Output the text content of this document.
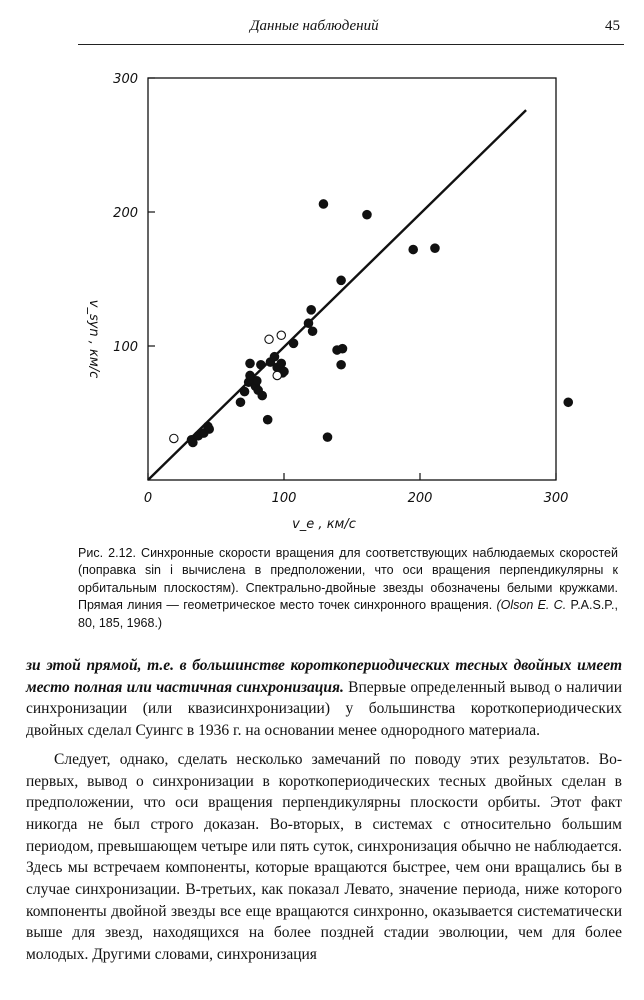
Данные наблюдений	45
0	100	200	300
100
200
300
v_syn , км/с
v_e , км/с
Рис. 2.12. Синхронные скорости вращения для соответствующих наблюдаемых скоростей (поправка sin i вычислена в предположении, что оси вращения перпендикулярны к орбитальным плоскостям). Спектрально-двойные звезды обозначены белыми кружками. Прямая линия — геометрическое место точек синхронного вращения. (Olson E. C. P.A.S.P., 80, 185, 1968.)

зи этой прямой, т.е. в большинстве короткопериодических тесных двойных имеет место полная или частичная синхронизация. Впервые определенный вывод о наличии синхронизации (или квазисинхронизации) у большинства короткопериодических двойных сделал Суингс в 1936 г. на основании менее однородного материала.

Следует, однако, сделать несколько замечаний по поводу этих результатов. Во-первых, вывод о синхронизации в короткопериодических тесных двойных сделан в предположении, что оси вращения перпендикулярны плоскости орбиты. Этот факт никогда не был строго доказан. Во-вторых, в системах с относительно большим периодом, превышающем четыре или пять суток, синхронизация обычно не наблюдается. Здесь мы встречаем компоненты, которые вращаются быстрее, чем они вращались бы в случае синхронизации. В-третьих, как показал Левато, значение периода, ниже которого компоненты двойной звезды все еще вращаются синхронно, оказывается систематически выше для звезд, находящихся на более поздней стадии эволюции, чем для более молодых. Другими словами, синхронизация
